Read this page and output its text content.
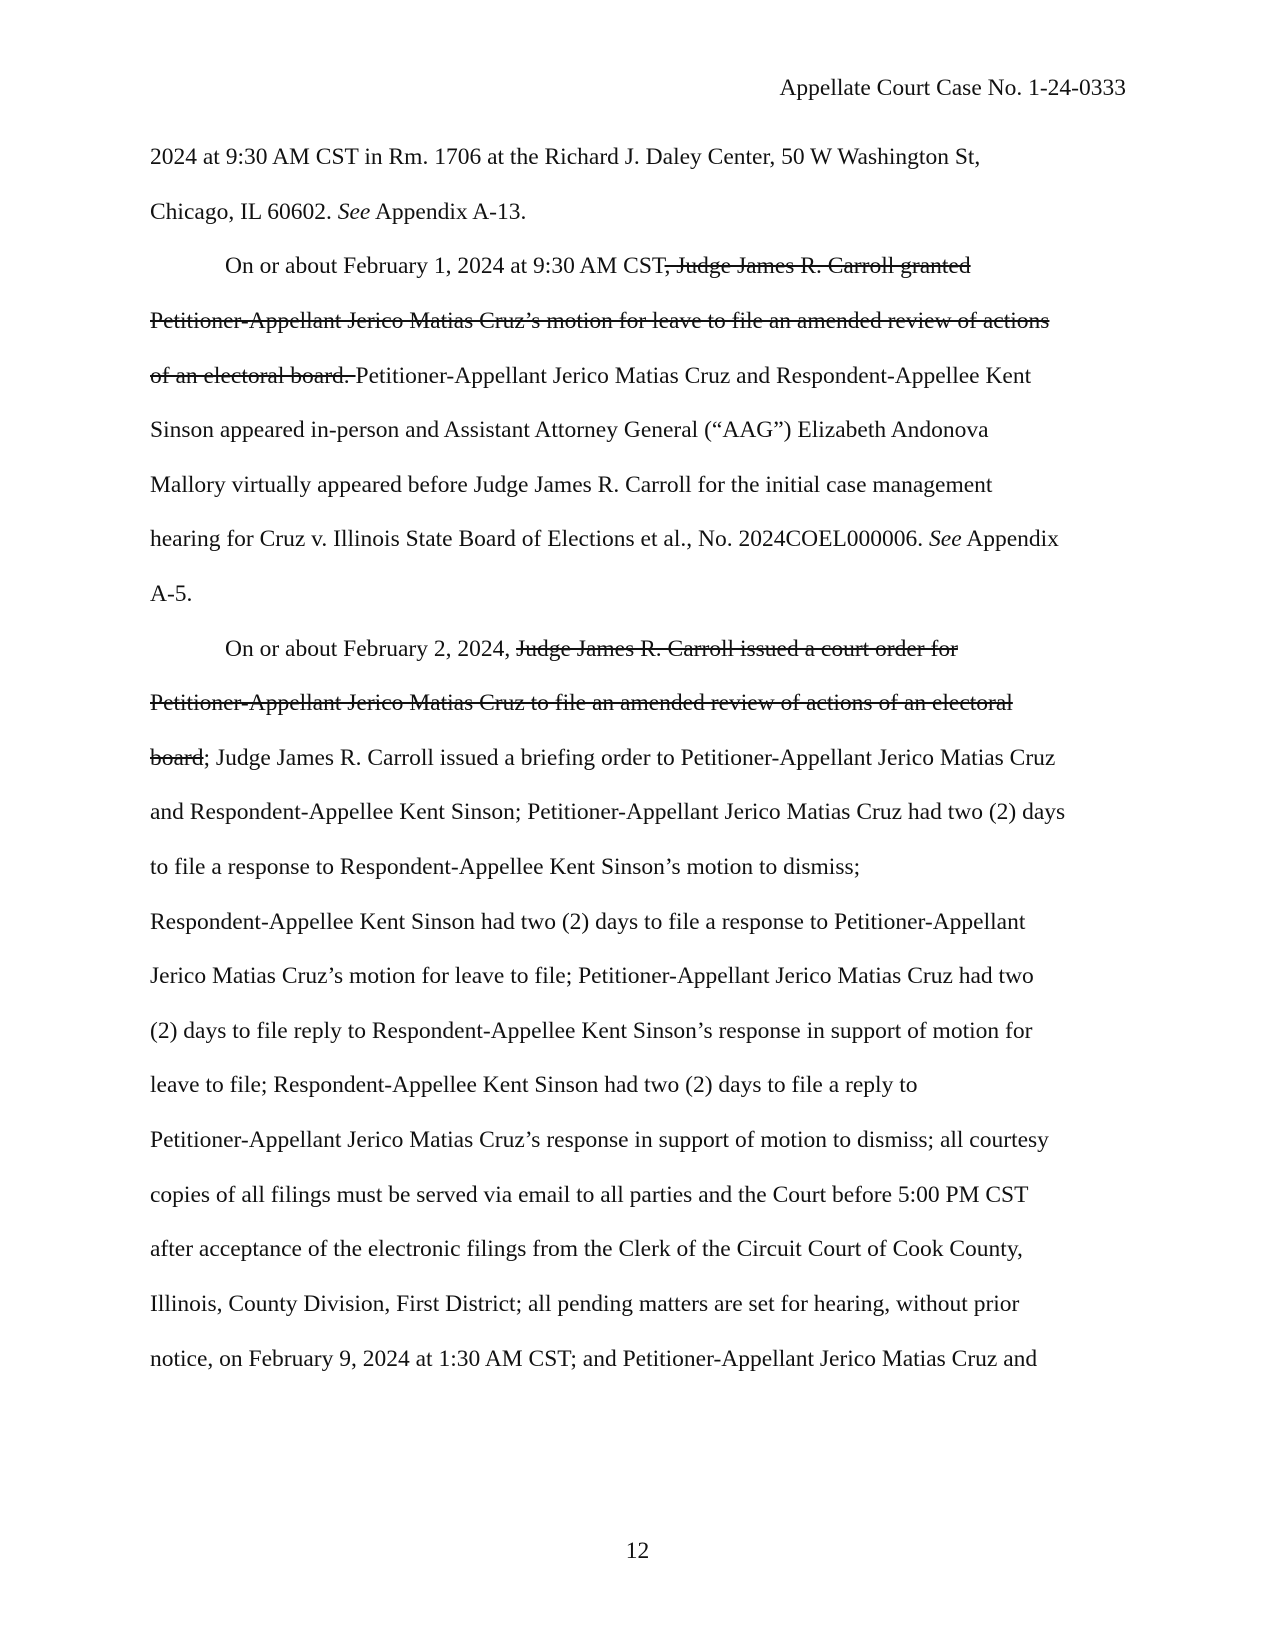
Appellate Court Case No. 1-24-0333
2024 at 9:30 AM CST in Rm. 1706 at the Richard J. Daley Center, 50 W Washington St,
Chicago, IL 60602. See Appendix A-13.
On or about February 1, 2024 at 9:30 AM CST, Judge James R. Carroll granted
Petitioner-Appellant Jerico Matias Cruz’s motion for leave to file an amended review of actions
of an electoral board. Petitioner-Appellant Jerico Matias Cruz and Respondent-Appellee Kent
Sinson appeared in-person and Assistant Attorney General (“AAG”) Elizabeth Andonova
Mallory virtually appeared before Judge James R. Carroll for the initial case management
hearing for Cruz v. Illinois State Board of Elections et al., No. 2024COEL000006. See Appendix
A-5.
On or about February 2, 2024, Judge James R. Carroll issued a court order for
Petitioner-Appellant Jerico Matias Cruz to file an amended review of actions of an electoral
board; Judge James R. Carroll issued a briefing order to Petitioner-Appellant Jerico Matias Cruz
and Respondent-Appellee Kent Sinson; Petitioner-Appellant Jerico Matias Cruz had two (2) days
to file a response to Respondent-Appellee Kent Sinson’s motion to dismiss;
Respondent-Appellee Kent Sinson had two (2) days to file a response to Petitioner-Appellant
Jerico Matias Cruz’s motion for leave to file; Petitioner-Appellant Jerico Matias Cruz had two
(2) days to file reply to Respondent-Appellee Kent Sinson’s response in support of motion for
leave to file; Respondent-Appellee Kent Sinson had two (2) days to file a reply to
Petitioner-Appellant Jerico Matias Cruz’s response in support of motion to dismiss; all courtesy
copies of all filings must be served via email to all parties and the Court before 5:00 PM CST
after acceptance of the electronic filings from the Clerk of the Circuit Court of Cook County,
Illinois, County Division, First District; all pending matters are set for hearing, without prior
notice, on February 9, 2024 at 1:30 AM CST; and Petitioner-Appellant Jerico Matias Cruz and
12
